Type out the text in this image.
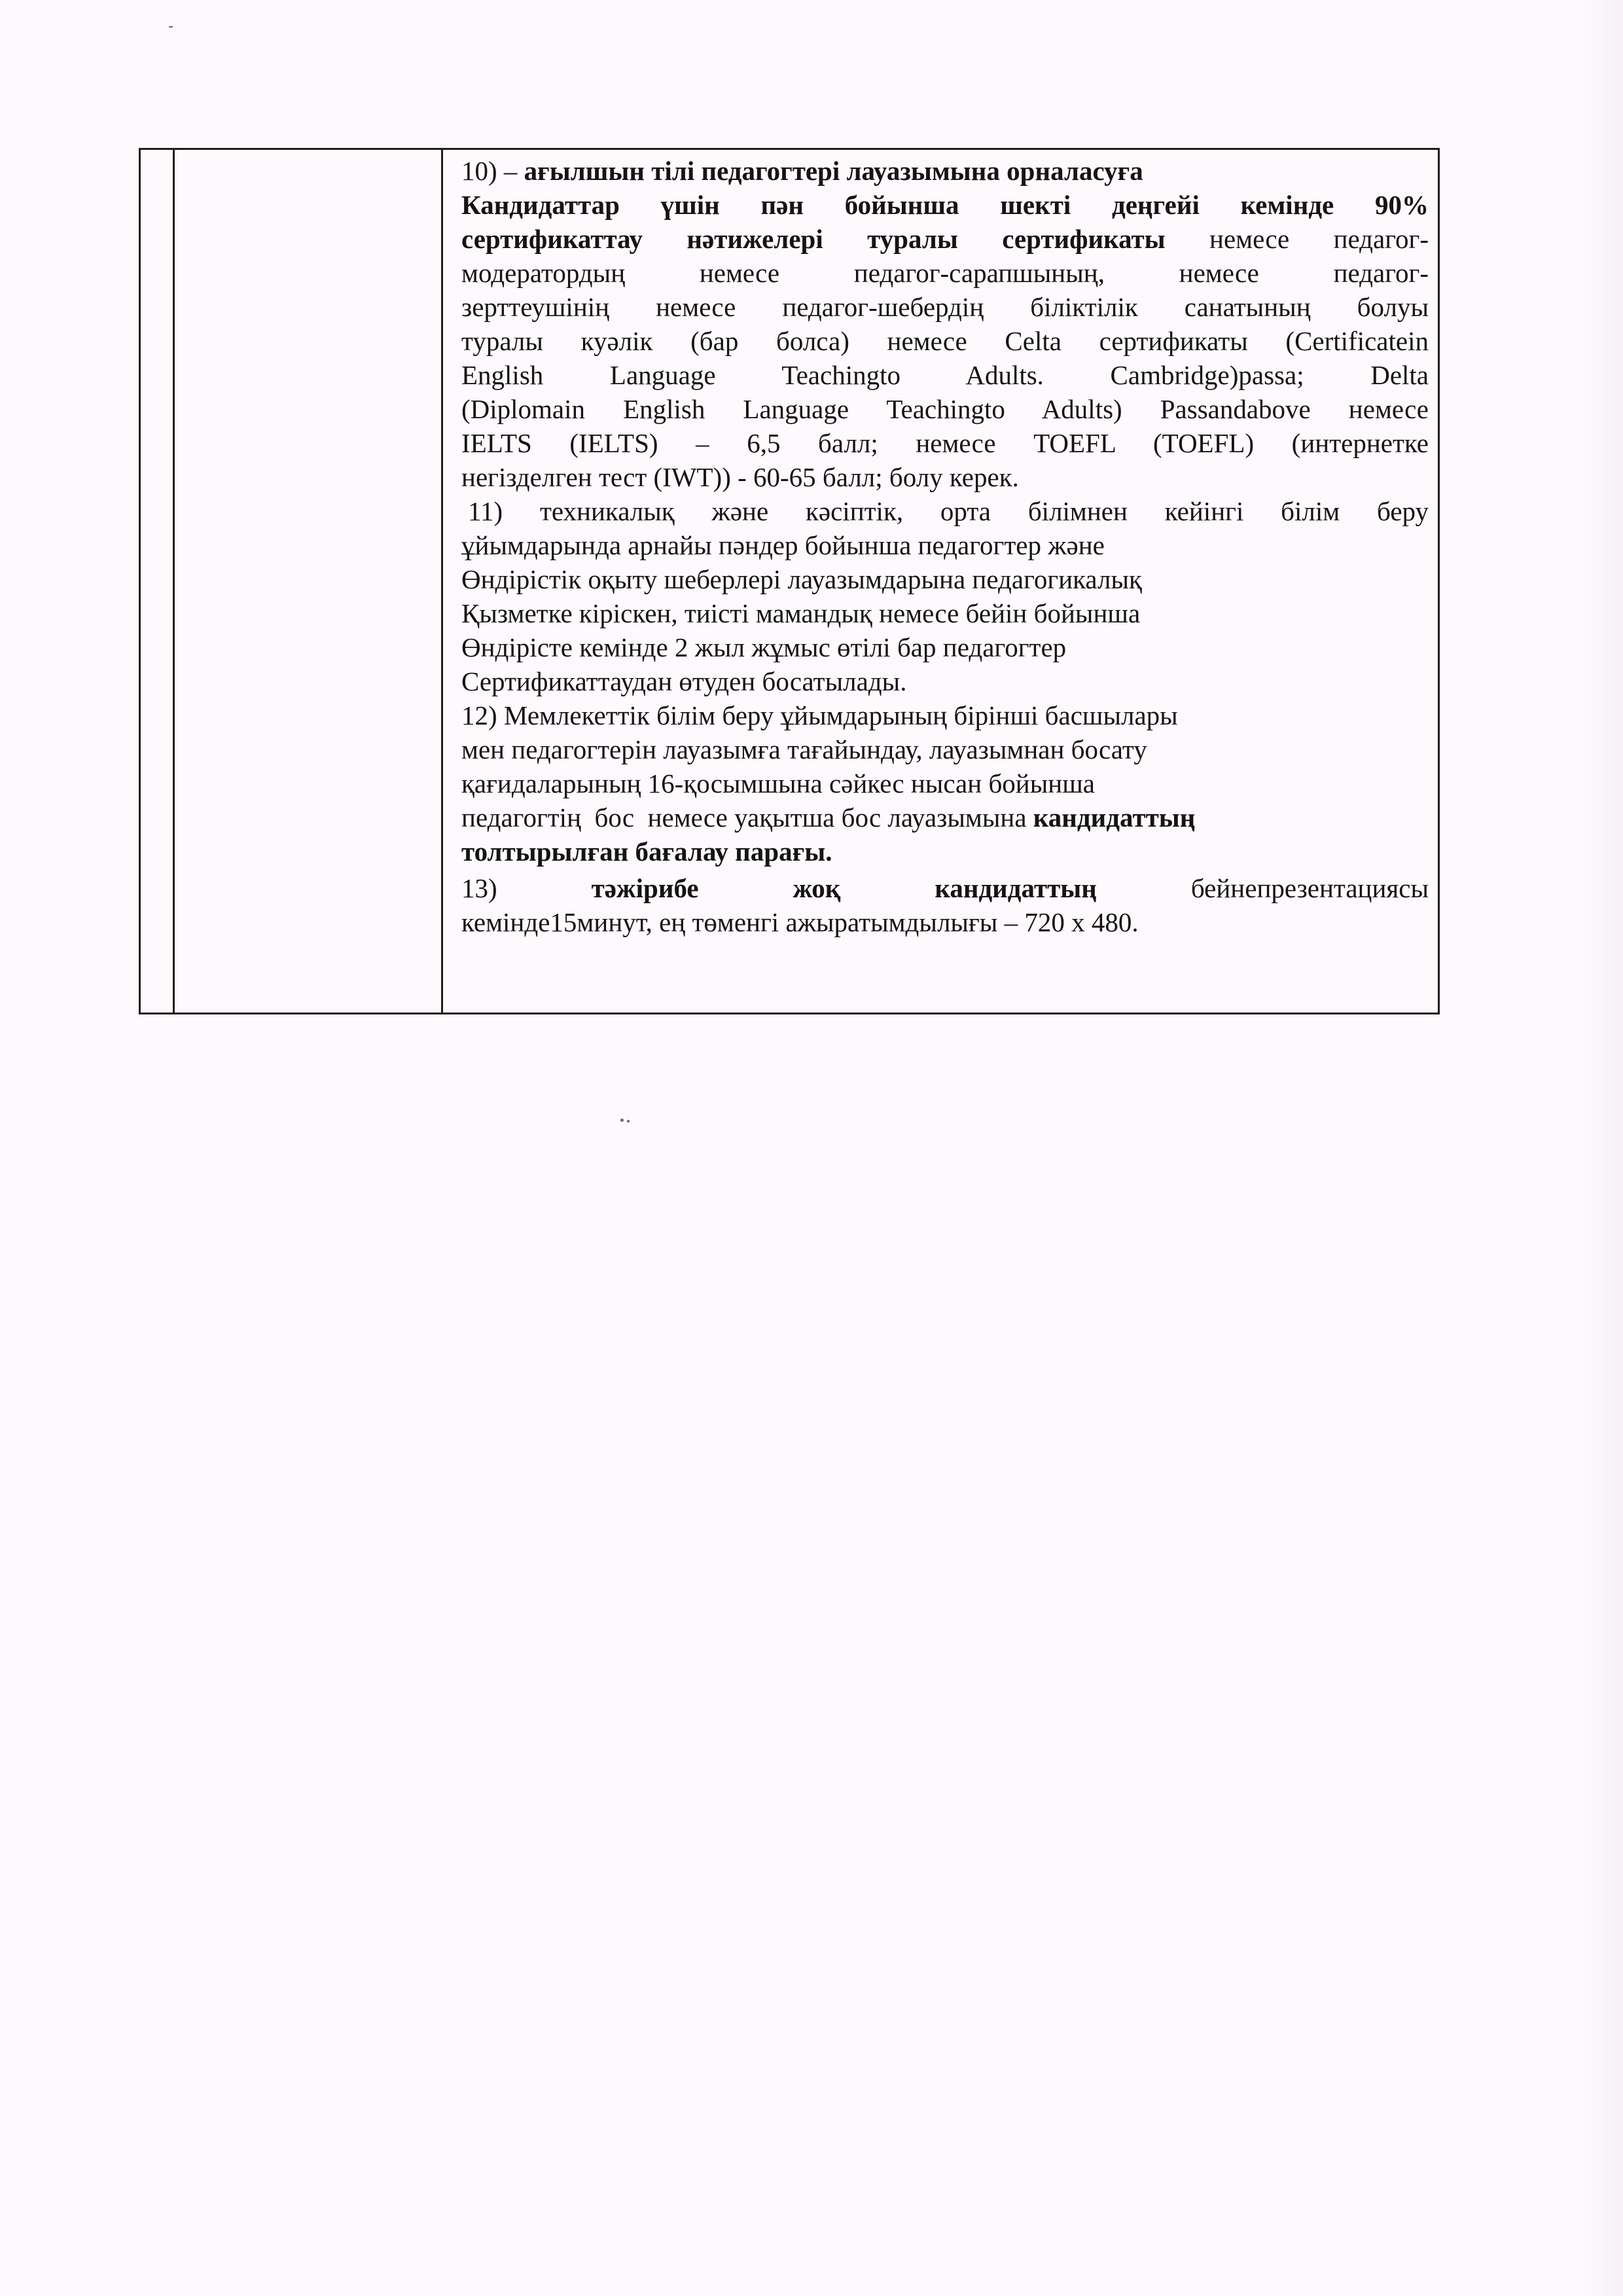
10) – ағылшын тілі педагогтері лауазымына орналасуға
Кандидаттар үшін пән бойынша шекті деңгейі кемінде 90%
сертификаттау нәтижелері туралы сертификаты немесе педагог-
модератордың немесе педагог-сарапшының, немесе педагог-
зерттеушінің немесе педагог-шебердің біліктілік санатының болуы
туралы куәлік (бар болса) немесе Celta сертификаты (Certificatein
English Language Teachingto Adults. Cambridge)passa; Delta
(Diplomain English Language Teachingto Adults) Passandabove немесе
IELTS (IELTS) – 6,5 балл; немесе TOEFL (TOEFL) (интернетке
негізделген тест (IWT)) - 60-65 балл; болу керек.
11) техникалық және кәсіптік, орта білімнен кейінгі білім беру
ұйымдарында арнайы пәндер бойынша педагогтер және
Өндірістік оқыту шеберлері лауазымдарына педагогикалық
Қызметке кіріскен, тиісті мамандық немесе бейін бойынша
Өндірісте кемінде 2 жыл жұмыс өтілі бар педагогтер
Сертификаттаудан өтуден босатылады.
12) Мемлекеттік білім беру ұйымдарының бірінші басшылары
мен педагогтерін лауазымға тағайындау, лауазымнан босату
қағидаларының 16-қосымшына сәйкес нысан бойынша
педагогтің  бос  немесе уақытша бос лауазымына кандидаттың
толтырылған бағалау парағы.
13)	тәжірибе жоқ кандидаттың	бейнепрезентациясы
кемінде15минут, ең төменгі ажыратымдылығы – 720 х 480.
